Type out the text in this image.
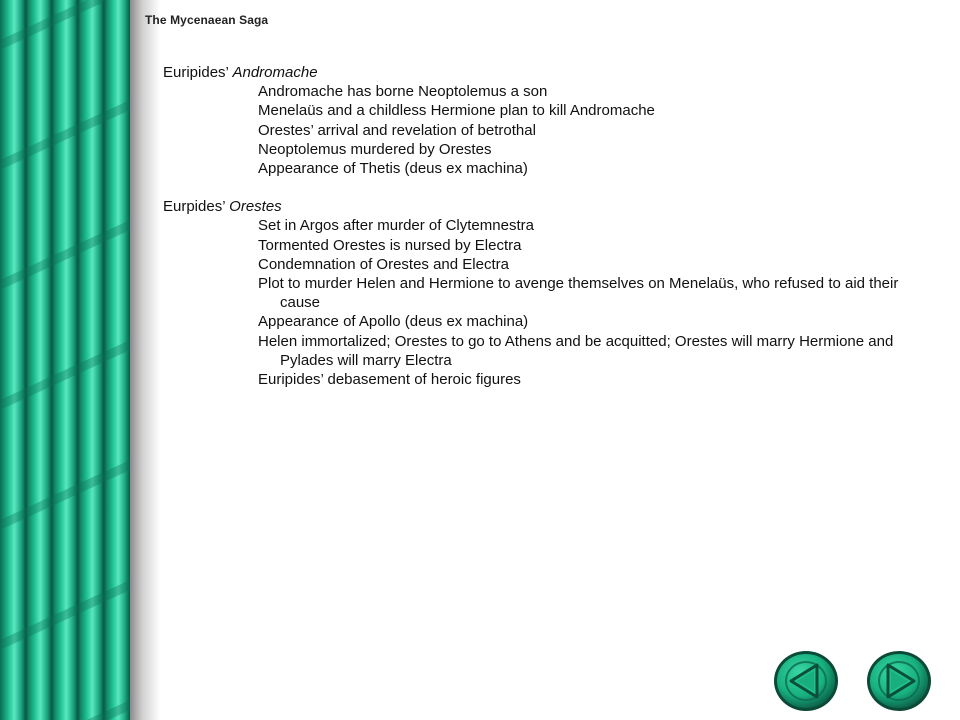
The Mycenaean Saga

Euripides’ Andromache

Andromache has borne Neoptolemus a son
Menelaüs and a childless Hermione plan to kill Andromache
Orestes’ arrival and revelation of betrothal
Neoptolemus murdered by Orestes
Appearance of Thetis (deus ex machina)

Eurpides’ Orestes

Set in Argos after murder of Clytemnestra
Tormented Orestes is nursed by Electra
Condemnation of Orestes and Electra
Plot to murder Helen and Hermione to avenge themselves on Menelaüs, who refused to aid their cause
Appearance of Apollo (deus ex machina)
Helen immortalized; Orestes to go to Athens and be acquitted; Orestes will marry Hermione and Pylades will marry Electra
Euripides’ debasement of heroic figures
